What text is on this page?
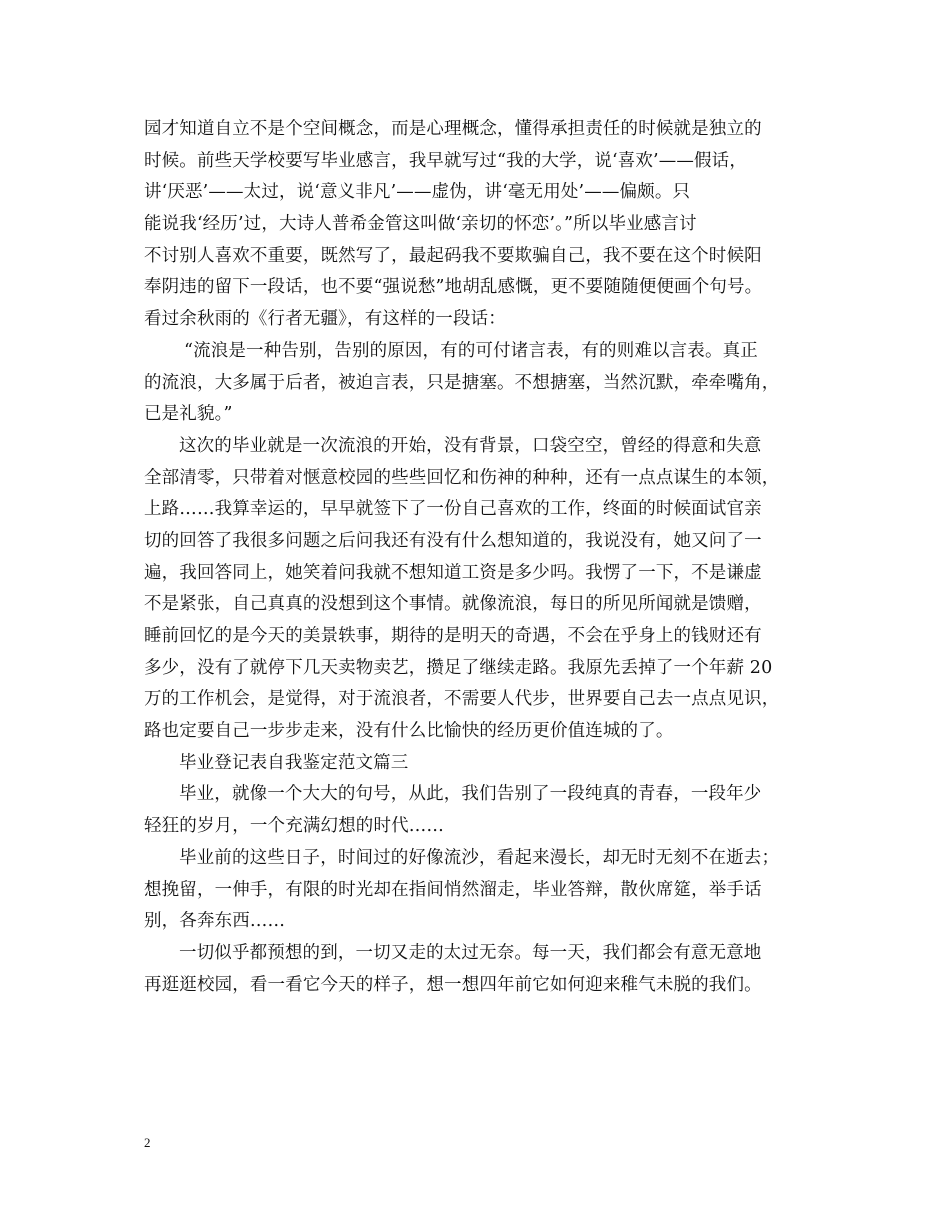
园才知道自立不是个空间概念，而是心理概念，懂得承担责任的时候就是独立的
时候。前些天学校要写毕业感言，我早就写过“我的大学，说‘喜欢’——假话，
讲‘厌恶’——太过，说‘意义非凡’——虚伪，讲‘毫无用处’——偏颇。只
能说我‘经历’过，大诗人普希金管这叫做‘亲切的怀恋’。”所以毕业感言讨
不讨别人喜欢不重要，既然写了，最起码我不要欺骗自己，我不要在这个时候阳
奉阴违的留下一段话，也不要“强说愁”地胡乱感慨，更不要随随便便画个句号。
看过余秋雨的《行者无疆》，有这样的一段话：
“流浪是一种告别，告别的原因，有的可付诸言表，有的则难以言表。真正
的流浪，大多属于后者，被迫言表，只是搪塞。不想搪塞，当然沉默，牵牵嘴角，
已是礼貌。”
这次的毕业就是一次流浪的开始，没有背景，口袋空空，曾经的得意和失意
全部清零，只带着对惬意校园的些些回忆和伤神的种种，还有一点点谋生的本领，
上路……我算幸运的，早早就签下了一份自己喜欢的工作，终面的时候面试官亲
切的回答了我很多问题之后问我还有没有什么想知道的，我说没有，她又问了一
遍，我回答同上，她笑着问我就不想知道工资是多少吗。我愣了一下，不是谦虚
不是紧张，自己真真的没想到这个事情。就像流浪，每日的所见所闻就是馈赠，
睡前回忆的是今天的美景轶事，期待的是明天的奇遇，不会在乎身上的钱财还有
多少，没有了就停下几天卖物卖艺，攒足了继续走路。我原先丢掉了一个年薪 20
万的工作机会，是觉得，对于流浪者，不需要人代步，世界要自己去一点点见识，
路也定要自己一步步走来，没有什么比愉快的经历更价值连城的了。
毕业登记表自我鉴定范文篇三
毕业，就像一个大大的句号，从此，我们告别了一段纯真的青春，一段年少
轻狂的岁月，一个充满幻想的时代……
毕业前的这些日子，时间过的好像流沙，看起来漫长，却无时无刻不在逝去；
想挽留，一伸手，有限的时光却在指间悄然溜走，毕业答辩，散伙席筵，举手话
别，各奔东西……
一切似乎都预想的到，一切又走的太过无奈。每一天，我们都会有意无意地
再逛逛校园，看一看它今天的样子，想一想四年前它如何迎来稚气未脱的我们。
2
